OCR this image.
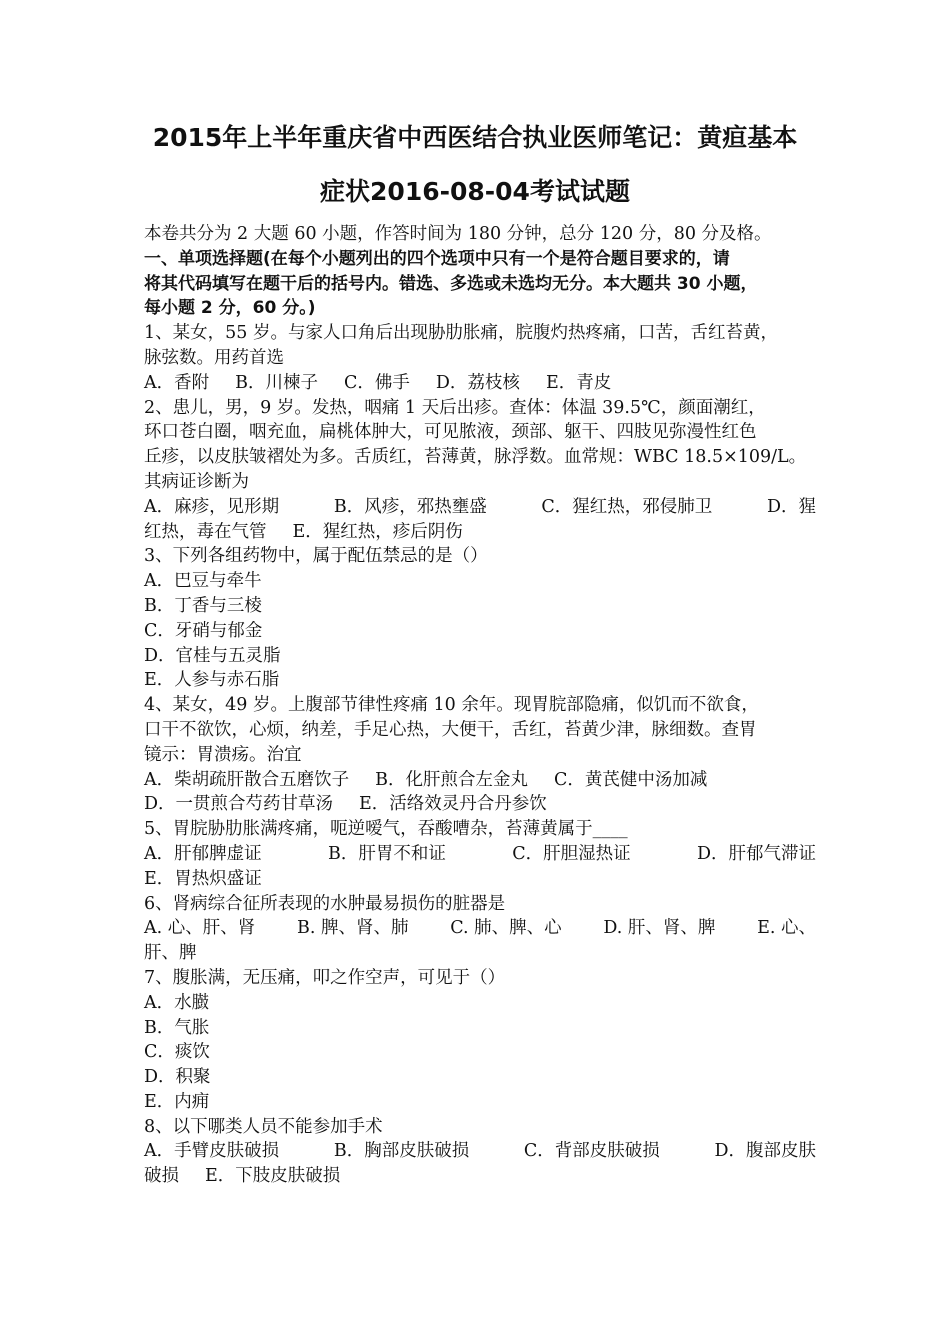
2015年上半年重庆省中西医结合执业医师笔记：黄疸基本
症状2016-08-04考试试题
本卷共分为 2 大题 60 小题，作答时间为 180 分钟，总分 120 分，80 分及格。
一、单项选择题(在每个小题列出的四个选项中只有一个是符合题目要求的，请
将其代码填写在题干后的括号内。错选、多选或未选均无分。本大题共 30 小题，
每小题 2 分，60 分。)
1、某女，55 岁。与家人口角后出现胁肋胀痛，脘腹灼热疼痛，口苦，舌红苔黄，
脉弦数。用药首选
A．香附 B．川楝子 C．佛手 D．荔枝核 E．青皮
2、患儿，男，9 岁。发热，咽痛 1 天后出疹。查体：体温 39.5℃，颜面潮红，
环口苍白圈，咽充血，扁桃体肿大，可见脓液，颈部、躯干、四肢见弥漫性红色
丘疹，以皮肤皱褶处为多。舌质红，苔薄黄，脉浮数。血常规：WBC 18.5×109/L。
其病证诊断为
A．麻疹，见形期	B．风疹，邪热壅盛	C．猩红热，邪侵肺卫	D．猩
红热，毒在气管 E．猩红热，疹后阴伤
3、下列各组药物中，属于配伍禁忌的是（）
A．巴豆与牵牛
B．丁香与三棱
C．牙硝与郁金
D．官桂与五灵脂
E．人参与赤石脂
4、某女，49 岁。上腹部节律性疼痛 10 余年。现胃脘部隐痛，似饥而不欲食，
口干不欲饮，心烦，纳差，手足心热，大便干，舌红，苔黄少津，脉细数。查胃
镜示：胃溃疡。治宜
A．柴胡疏肝散合五磨饮子 B．化肝煎合左金丸 C．黄芪健中汤加减
D．一贯煎合芍药甘草汤 E．活络效灵丹合丹参饮
5、胃脘胁肋胀满疼痛，呃逆嗳气，吞酸嘈杂，苔薄黄属于____
A．肝郁脾虚证	B．肝胃不和证	C．肝胆湿热证	D．肝郁气滞证
E．胃热炽盛证
6、肾病综合征所表现的水肿最易损伤的脏器是
A. 心、肝、肾 B. 脾、肾、肺 C. 肺、脾、心 D. 肝、肾、脾 E. 心、
肝、脾
7、腹胀满，无压痛，叩之作空声，可见于（）
A．水臌
B．气胀
C．痰饮
D．积聚
E．内痈
8、以下哪类人员不能参加手术
A．手臂皮肤破损	B．胸部皮肤破损	C．背部皮肤破损	D．腹部皮肤
破损 E．下肢皮肤破损
